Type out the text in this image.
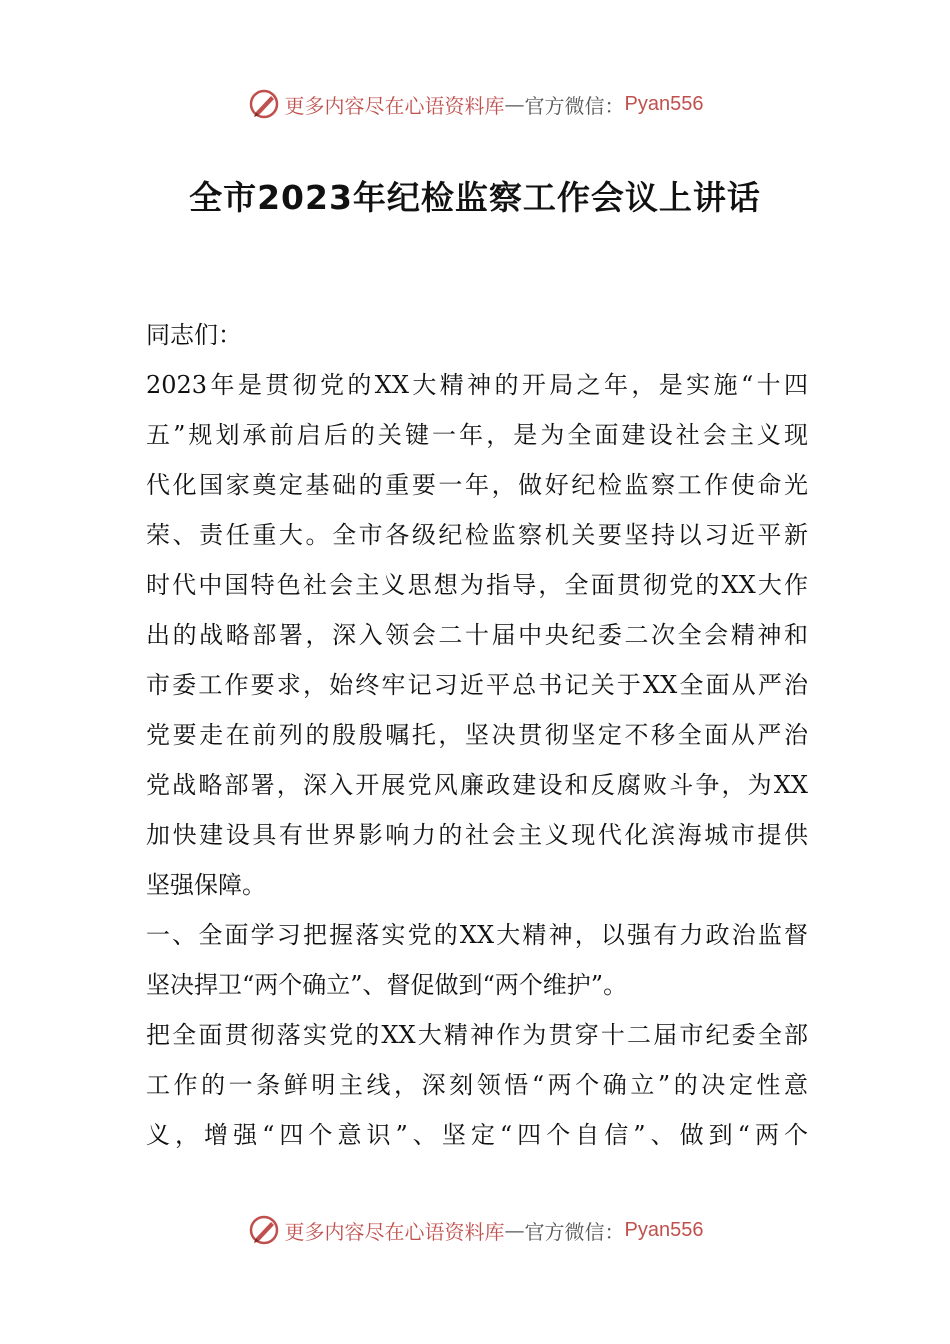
更多内容尽在心语资料库 — 官方微信： Pyan556
全市2023年纪检监察工作会议上讲话
同志们：
2023年是贯彻党的XX大精神的开局之年，是实施“十四
五”规划承前启后的关键一年，是为全面建设社会主义现
代化国家奠定基础的重要一年，做好纪检监察工作使命光
荣、责任重大。全市各级纪检监察机关要坚持以习近平新
时代中国特色社会主义思想为指导，全面贯彻党的XX大作
出的战略部署，深入领会二十届中央纪委二次全会精神和
市委工作要求，始终牢记习近平总书记关于XX全面从严治
党要走在前列的殷殷嘱托，坚决贯彻坚定不移全面从严治
党战略部署，深入开展党风廉政建设和反腐败斗争，为XX
加快建设具有世界影响力的社会主义现代化滨海城市提供
坚强保障。
一、全面学习把握落实党的XX大精神，以强有力政治监督
坚决捍卫“两个确立”、督促做到“两个维护”。
把全面贯彻落实党的XX大精神作为贯穿十二届市纪委全部
工作的一条鲜明主线，深刻领悟“两个确立”的决定性意
义，增强“四个意识”、坚定“四个自信”、做到“两个
更多内容尽在心语资料库 — 官方微信： Pyan556
